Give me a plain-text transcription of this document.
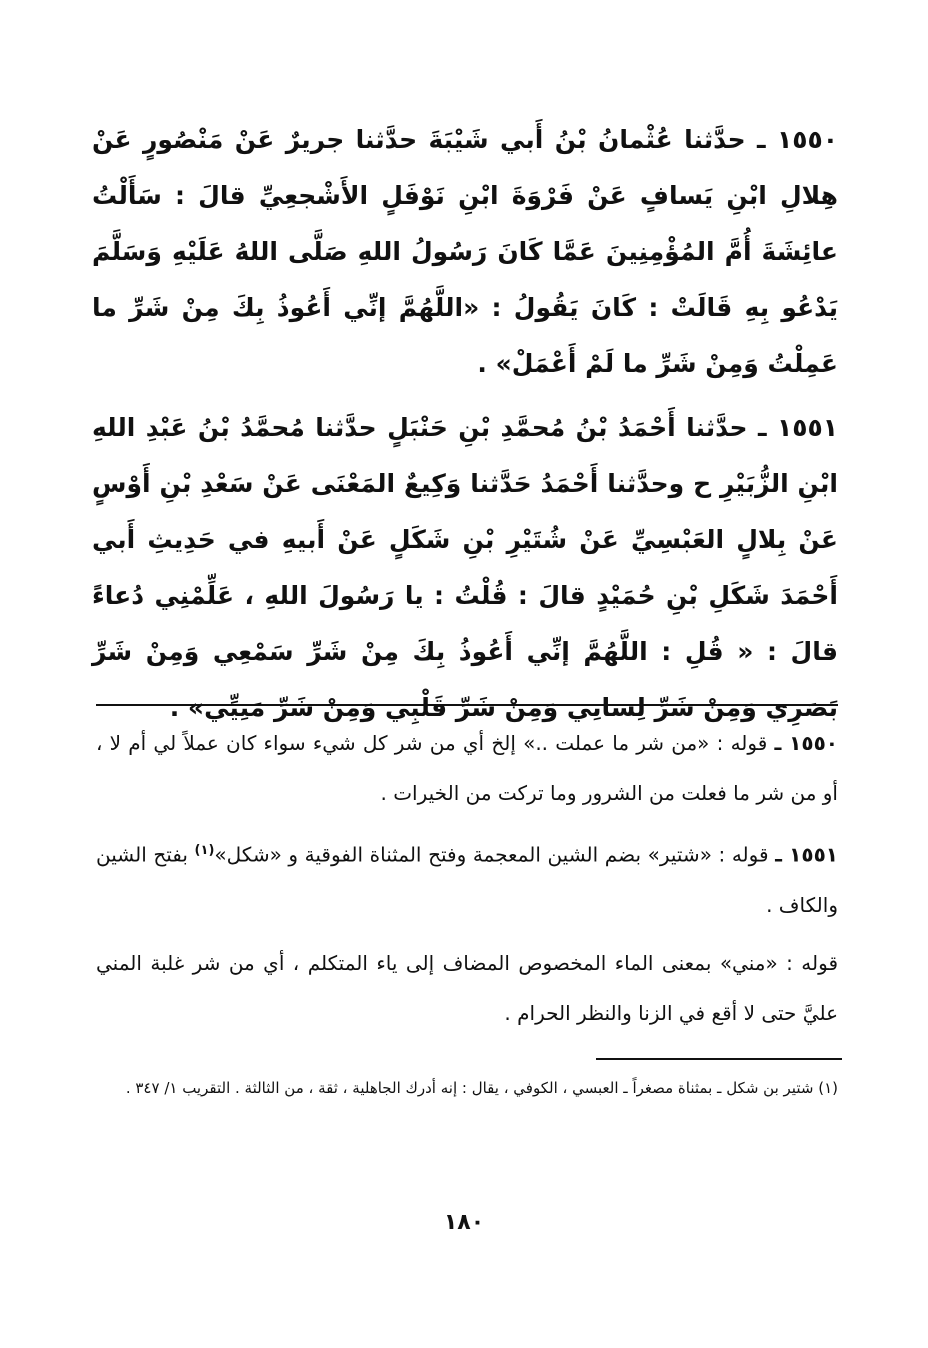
١٥٥٠ ـ حدَّثنا عُثْمانُ بْنُ أَبي شَيْبَةَ حدَّثنا جريرٌ عَنْ مَنْصُورٍ عَنْ هِلالِ ابْنِ يَسافٍ عَنْ فَرْوَةَ ابْنِ نَوْفَلٍ الأَشْجعِيِّ قالَ : سَأَلْتُ عائِشَةَ أُمَّ المُؤْمِنِينَ عَمَّا كَانَ رَسُولُ اللهِ صَلَّى اللهُ عَلَيْهِ وَسَلَّمَ يَدْعُو بِهِ قَالَتْ : كَانَ يَقُولُ : «اللَّهُمَّ إنِّي أَعُوذُ بِكَ مِنْ شَرِّ ما عَمِلْتُ وَمِنْ شَرِّ ما لَمْ أَعْمَلْ» .

١٥٥١ ـ حدَّثنا أَحْمَدُ بْنُ مُحمَّدِ بْنِ حَنْبَلٍ حدَّثنا مُحمَّدُ بْنُ عَبْدِ اللهِ ابْنِ الزُّبَيْرِ ح وحدَّثنا أَحْمَدُ حَدَّثنا وَكِيعٌ المَعْنَى عَنْ سَعْدِ بْنِ أَوْسٍ عَنْ بِلالٍ العَبْسِيِّ عَنْ شُتَيْرِ بْنِ شَكَلٍ عَنْ أَبيهِ في حَدِيثِ أَبي أَحْمَدَ شَكَلِ بْنِ حُمَيْدٍ قالَ : قُلْتُ : يا رَسُولَ اللهِ ، عَلِّمْنِي دُعاءً قالَ : « قُلِ : اللَّهُمَّ إنِّي أَعُوذُ بِكَ مِنْ شَرِّ سَمْعِي وَمِنْ شَرِّ بَصَرِي وَمِنْ شَرِّ لِسانِي وَمِنْ شَرِّ قَلْبِي وَمِنْ شَرِّ مَنِيِّي» .

١٥٥٠ ـ قوله : «من شر ما عملت ..» إلخ أي من شر كل شيء سواء كان عملاً لي أم لا ، أو من شر ما فعلت من الشرور وما تركت من الخيرات .

١٥٥١ ـ قوله : «شتير» بضم الشين المعجمة وفتح المثناة الفوقية و «شكل»$^{(١)}$ بفتح الشين والكاف .

قوله : «مني» بمعنى الماء المخصوص المضاف إلى ياء المتكلم ، أي من شر غلبة المني عليَّ حتى لا أقع في الزنا والنظر الحرام .

(١) شتير بن شكل ـ بمثناة مصغراً ـ العبسي ، الكوفي ، يقال : إنه أدرك الجاهلية ، ثقة ، من الثالثة . التقريب ١/ ٣٤٧ .

١٨٠
